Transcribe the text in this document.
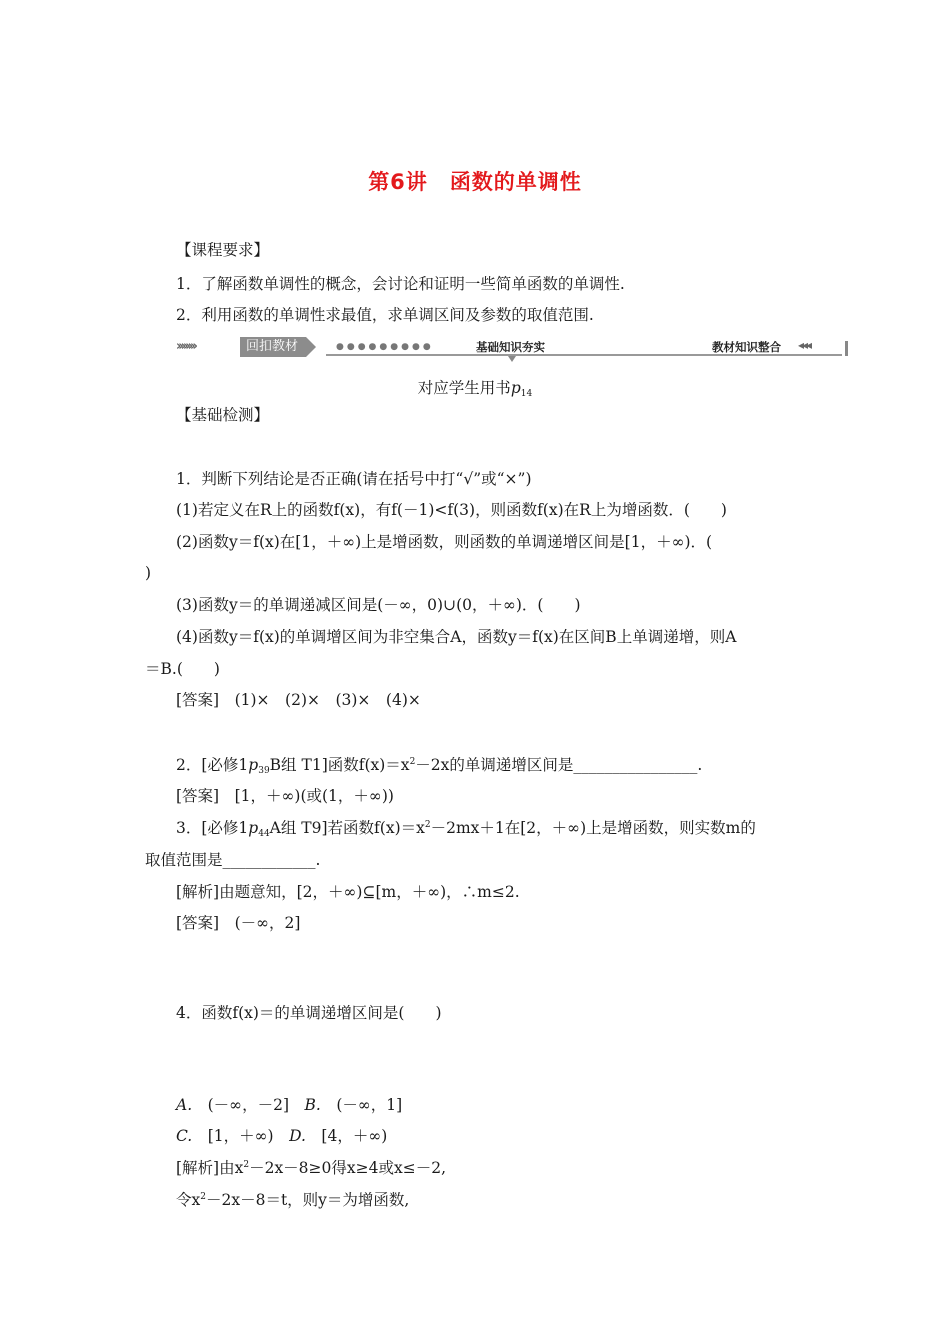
第6讲 函数的单调性
【课程要求】
1．了解函数单调性的概念，会讨论和证明一些简单函数的单调性.
2．利用函数的单调性求最值，求单调区间及参数的取值范围.
››››››››	回扣教材	●●●●●●●●●	基础知识夯实	教材知识整合 ◂◂◂
对应学生用书$p_{14}$
【基础检测】
1．判断下列结论是否正确(请在括号中打“√”或“×”)
(1)若定义在R上的函数f(x)，有f(－1)<f(3)，则函数f(x)在R上为增函数．(　　)
(2)函数y＝f(x)在[1，＋∞)上是增函数，则函数的单调递增区间是[1，＋∞)．(
)
(3)函数y＝的单调递减区间是(－∞，0)∪(0，＋∞)．(　　)
(4)函数y＝f(x)的单调增区间为非空集合A，函数y＝f(x)在区间B上单调递增，则A
＝B.(　　)
[答案]　(1)×　(2)×　(3)×　(4)×
2．[必修$1p_{39}B$组 T1]函数$f(x)=x^2-2x$的单调递增区间是________________.
[答案]　[1，＋∞)(或(1，＋∞))
3．[必修$1p_{44}A$组 T9]若函数$f(x)=x^2-2mx+1$在[2，＋∞)上是增函数，则实数m的
取值范围是____________.
[解析]由题意知，[2，＋∞)⊆[m，＋∞)，∴m≤2.
[答案]　(－∞，2]
4．函数f(x)＝的单调递增区间是(　　)
A.  (－∞，－2]  B.  (－∞，1]
C.  [1，＋∞)  D.  [4，＋∞)
[解析]由$x^2-2x-8\ge 0$得x≥4或x≤－2,
令$x^2-2x-8=t$，则y＝为增函数,
